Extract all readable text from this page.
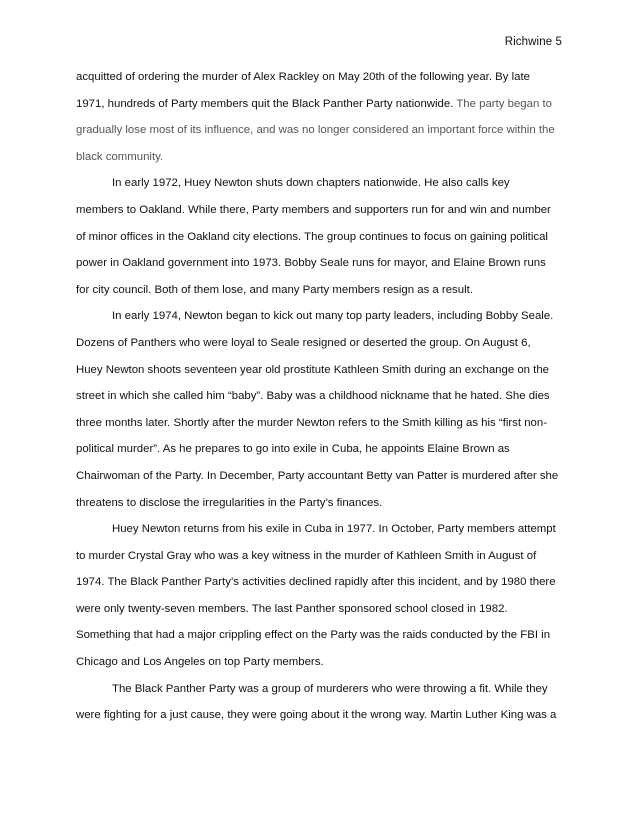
Richwine 5

acquitted of ordering the murder of Alex Rackley on May 20th of the following year. By late
1971, hundreds of Party members quit the Black Panther Party nationwide. The party began to
gradually lose most of its influence, and was no longer considered an important force within the
black community.

In early 1972, Huey Newton shuts down chapters nationwide. He also calls key
members to Oakland. While there, Party members and supporters run for and win and number
of minor offices in the Oakland city elections. The group continues to focus on gaining political
power in Oakland government into 1973. Bobby Seale runs for mayor, and Elaine Brown runs
for city council. Both of them lose, and many Party members resign as a result.

In early 1974, Newton began to kick out many top party leaders, including Bobby Seale.
Dozens of Panthers who were loyal to Seale resigned or deserted the group. On August 6,
Huey Newton shoots seventeen year old prostitute Kathleen Smith during an exchange on the
street in which she called him “baby”. Baby was a childhood nickname that he hated. She dies
three months later. Shortly after the murder Newton refers to the Smith killing as his “first non-
political murder”. As he prepares to go into exile in Cuba, he appoints Elaine Brown as
Chairwoman of the Party. In December, Party accountant Betty van Patter is murdered after she
threatens to disclose the irregularities in the Party’s finances.

Huey Newton returns from his exile in Cuba in 1977. In October, Party members attempt
to murder Crystal Gray who was a key witness in the murder of Kathleen Smith in August of
1974. The Black Panther Party’s activities declined rapidly after this incident, and by 1980 there
were only twenty-seven members. The last Panther sponsored school closed in 1982.
Something that had a major crippling effect on the Party was the raids conducted by the FBI in
Chicago and Los Angeles on top Party members.

The Black Panther Party was a group of murderers who were throwing a fit. While they
were fighting for a just cause, they were going about it the wrong way. Martin Luther King was a
